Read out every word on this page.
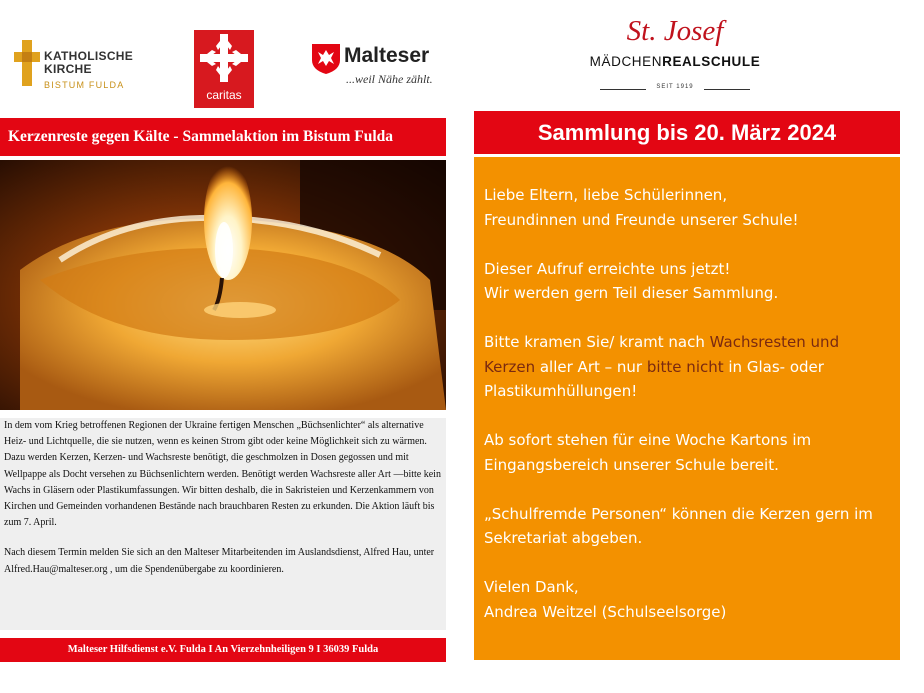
KATHOLISCHE
KIRCHE
BISTUM FULDA
caritas
Malteser
...weil Nähe zählt.
Kerzenreste gegen Kälte - Sammelaktion im Bistum Fulda

In dem vom Krieg betroffenen Regionen der Ukraine fertigen Menschen „Büchsenlichter“ als alternative Heiz- und Lichtquelle, die sie nutzen, wenn es keinen Strom gibt oder keine Möglichkeit sich zu wärmen. Dazu werden Kerzen, Kerzen- und Wachsreste benötigt, die geschmolzen in Dosen gegossen und mit Wellpappe als Docht versehen zu Büchsenlichtern werden. Benötigt werden Wachsreste aller Art —bitte kein Wachs in Gläsern oder Plastikumfassungen. Wir bitten deshalb, die in Sakristeien und Kerzenkammern von Kirchen und Gemeinden vorhandenen Bestände nach brauchbaren Resten zu erkunden. Die Aktion läuft bis zum 7. April.

Nach diesem Termin melden Sie sich an den Malteser Mitarbeitenden im Auslandsdienst, Alfred Hau, unter Alfred.Hau@malteser.org , um die Spendenübergabe zu koordinieren.

Malteser Hilfsdienst e.V. Fulda I An Vierzehnheiligen 9 I 36039 Fulda
St. Josef
MÄDCHENREALSCHULE
SEIT 1919
Sammlung bis 20. März 2024

Liebe Eltern, liebe Schülerinnen,
Freundinnen und Freunde unserer Schule!

Dieser Aufruf erreichte uns jetzt!
Wir werden gern Teil dieser Sammlung.

Bitte kramen Sie/ kramt nach Wachsresten und Kerzen aller Art – nur bitte nicht in Glas- oder Plastikumhüllungen!

Ab sofort stehen für eine Woche Kartons im Eingangsbereich unserer Schule bereit.

„Schulfremde Personen“ können die Kerzen gern im Sekretariat abgeben.

Vielen Dank,
Andrea Weitzel (Schulseelsorge)
